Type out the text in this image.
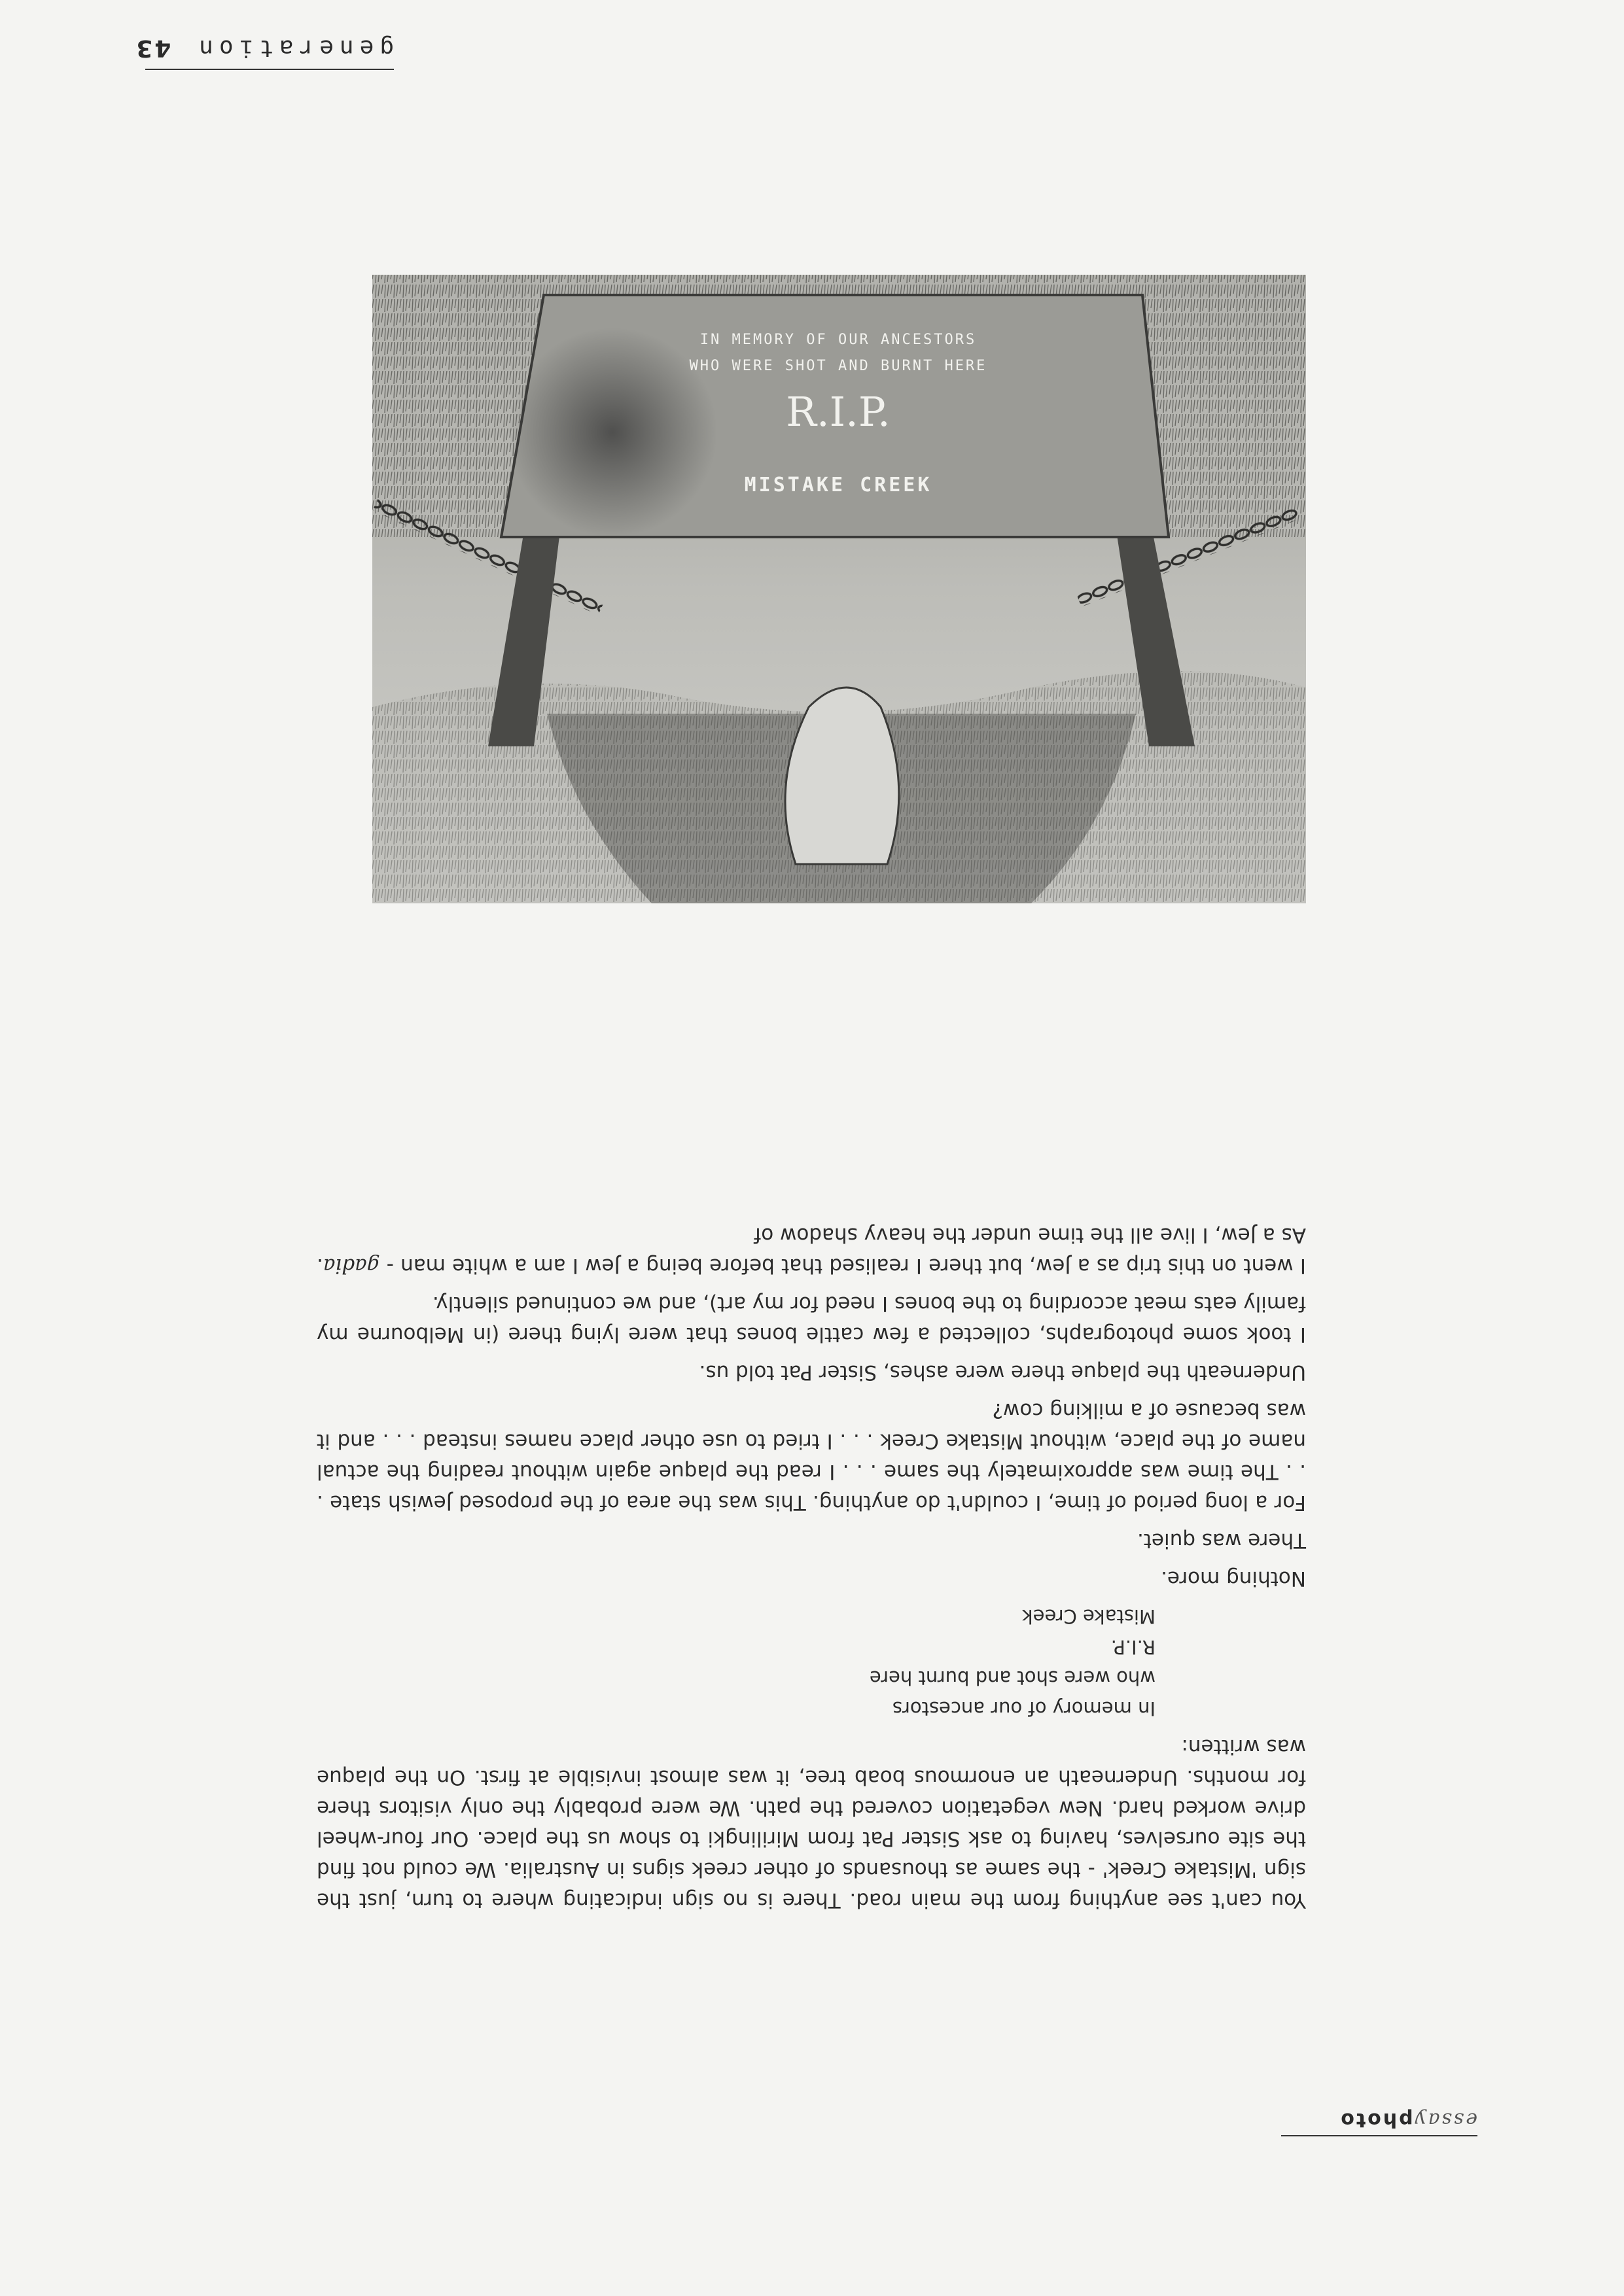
essayphoto
generation43

You can't see anything from the main road. There is no sign indicating where to turn, just the sign 'Mistake Creek' - the same as thousands of other creek signs in Australia. We could not find the site ourselves, having to ask Sister Pat from Mirilingki to show us the place. Our four-wheel drive worked hard. New vegetation covered the path. We were probably the only visitors there for months. Underneath an enormous boab tree, it was almost invisible at first. On the plaque was written:

In memory of our ancestors
who were shot and burnt here
R.I.P.
Mistake Creek

Nothing more.

There was quiet.

For a long period of time, I couldn't do anything. This was the area of the proposed Jewish state . . . The time was approximately the same . . . I read the plaque again without reading the actual name of the place, without Mistake Creek . . . I tried to use other place names instead . . . and it was because of a milking cow?

Underneath the plaque there were ashes, Sister Pat told us.

I took some photographs, collected a few cattle bones that were lying there (in Melbourne my family eats meat according to the bones I need for my art), and we continued silently.

I went on this trip as a Jew, but there I realised that before being a Jew I am a white man - gadia. As a Jew, I live all the time under the heavy shadow of

IN MEMORY OF OUR ANCESTORS
WHO WERE SHOT AND BURNT HERE
R.I.P.
MISTAKE CREEK
